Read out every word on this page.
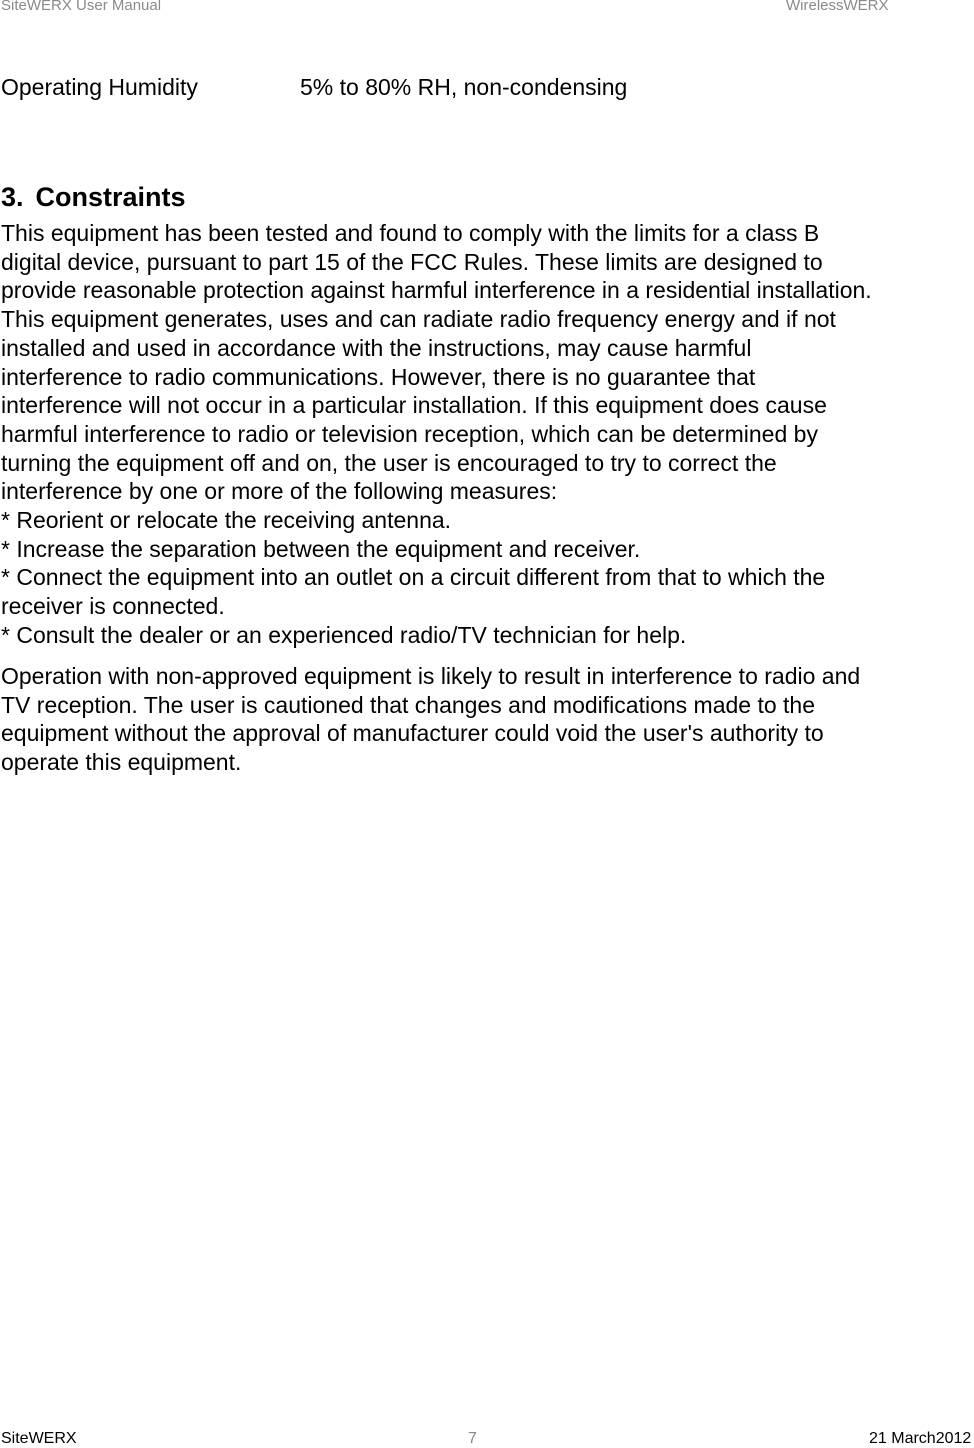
SiteWERX User Manual	WirelessWERX
Operating Humidity	5% to 80% RH, non-condensing
3. Constraints

This equipment has been tested and found to comply with the limits for a class B
digital device, pursuant to part 15 of the FCC Rules. These limits are designed to
provide reasonable protection against harmful interference in a residential installation.
This equipment generates, uses and can radiate radio frequency energy and if not
installed and used in accordance with the instructions, may cause harmful
interference to radio communications. However, there is no guarantee that
interference will not occur in a particular installation. If this equipment does cause
harmful interference to radio or television reception, which can be determined by
turning the equipment off and on, the user is encouraged to try to correct the
interference by one or more of the following measures:
* Reorient or relocate the receiving antenna.
* Increase the separation between the equipment and receiver.
* Connect the equipment into an outlet on a circuit different from that to which the
receiver is connected.
* Consult the dealer or an experienced radio/TV technician for help.

Operation with non-approved equipment is likely to result in interference to radio and
TV reception. The user is cautioned that changes and modifications made to the
equipment without the approval of manufacturer could void the user's authority to
operate this equipment.

SiteWERX	7	21 March2012
